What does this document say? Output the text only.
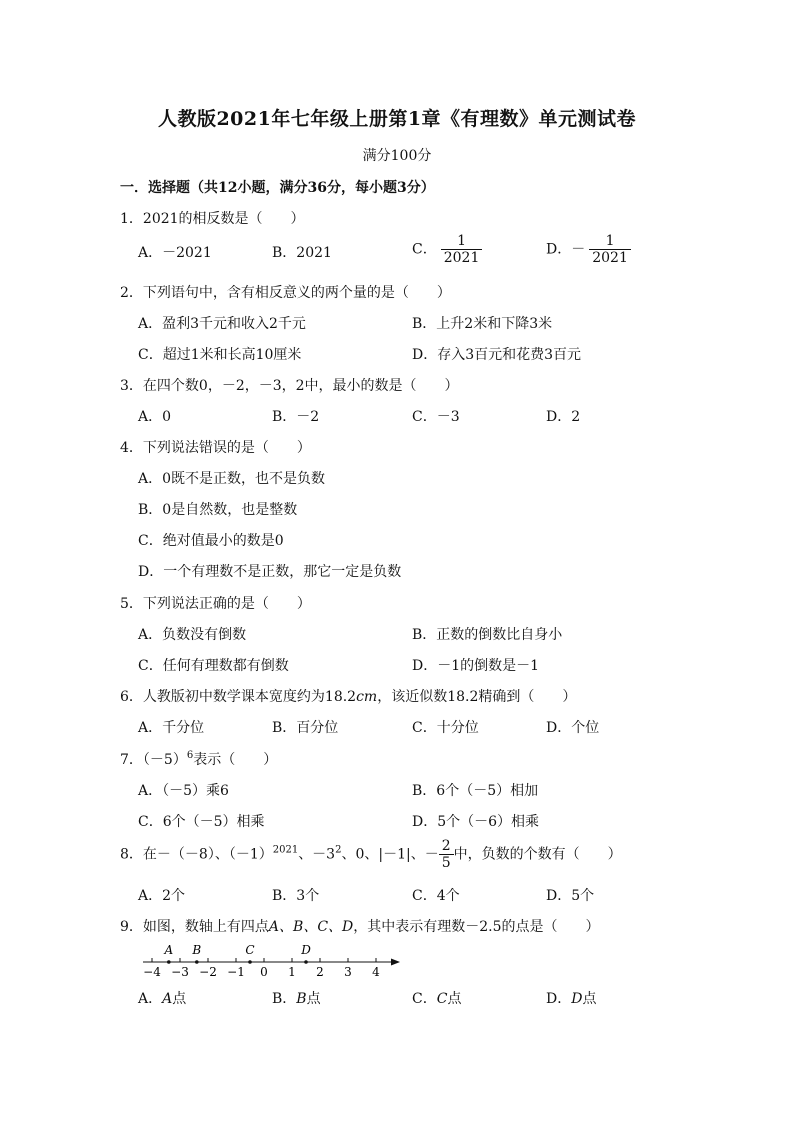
人教版2021年七年级上册第1章《有理数》单元测试卷
满分100分
一．选择题（共12小题，满分36分，每小题3分）
1．2021的相反数是（　　）
A．－2021	B．2021	C． $\frac{1}{2021}$	D．－ $\frac{1}{2021}$
2．下列语句中，含有相反意义的两个量的是（　　）
A．盈利3千元和收入2千元	B．上升2米和下降3米
C．超过1米和长高10厘米	D．存入3百元和花费3百元
3．在四个数0，－2，－3，2中，最小的数是（　　）
A．0	B．－2	C．－3	D．2
4．下列说法错误的是（　　）
A．0既不是正数，也不是负数
B．0是自然数，也是整数
C．绝对值最小的数是0
D．一个有理数不是正数，那它一定是负数
5．下列说法正确的是（　　）
A．负数没有倒数	B．正数的倒数比自身小
C．任何有理数都有倒数	D．－1的倒数是－1
6．人教版初中数学课本宽度约为18.2cm，该近似数18.2精确到（　　）
A．千分位	B．百分位	C．十分位	D．个位
7．$(-5)^6$表示（　　）
A．（－5）乘6	B．6个（－5）相加
C．6个（－5）相乘	D．5个（－6）相乘
8．在－（－8）、$(-1)^{2021}$、$-3^2$、0、|－1|、－ $\frac{2}{5}$ 中，负数的个数有（　　）
A．2个	B．3个	C．4个	D．5个
9．如图，数轴上有四点A、B、C、D，其中表示有理数－2.5的点是（　　）
−4 −3 −2 −1 0 1 2 3 4
A B	C	D
A．A点	B．B点	C．C点	D．D点
